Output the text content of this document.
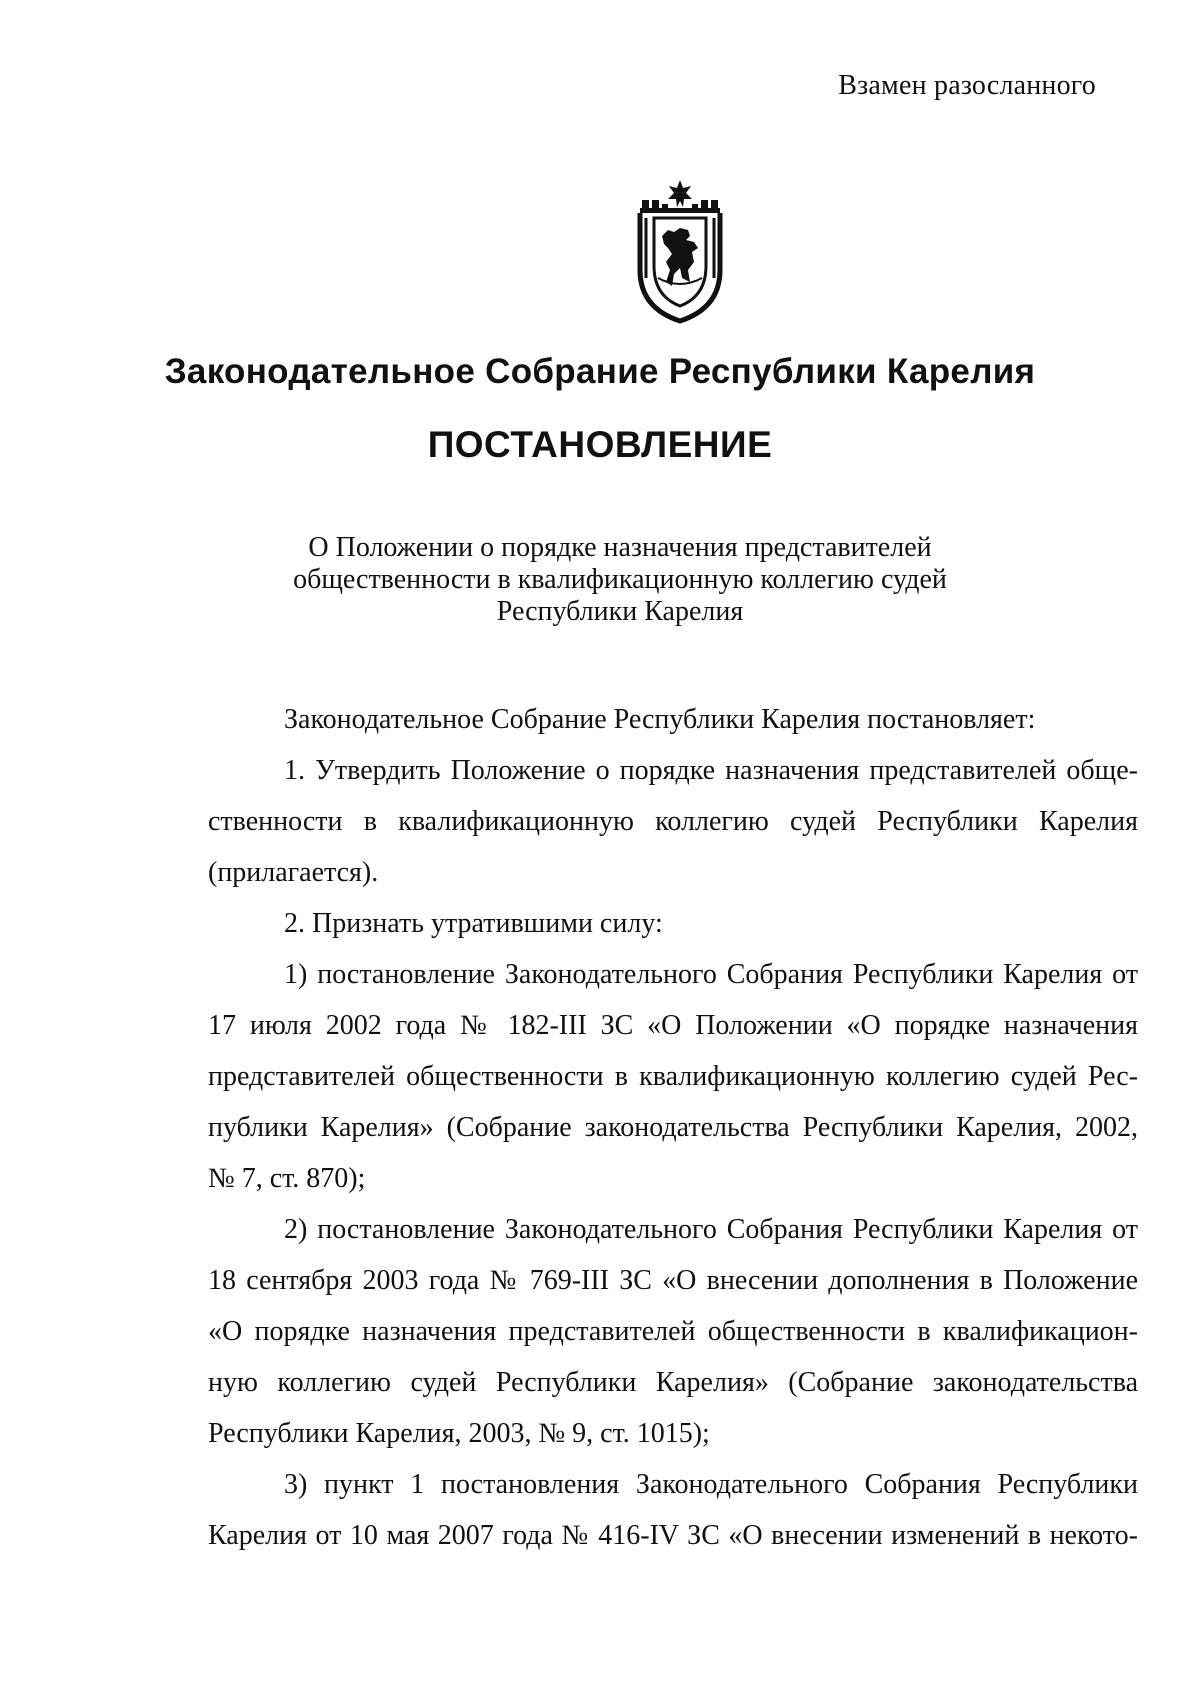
Взамен разосланного
Законодательное Собрание Республики Карелия
ПОСТАНОВЛЕНИЕ
О Положении о порядке назначения представителей
общественности в квалификационную коллегию судей
Республики Карелия

Законодательное Собрание Республики Карелия постановляет:

1. Утвердить Положение о порядке назначения представителей обще-
ственности в квалификационную коллегию судей Республики Карелия
(прилагается).

2. Признать утратившими силу:

1) постановление Законодательного Собрания Республики Карелия от
17 июля 2002 года № 182-III ЗС «О Положении «О порядке назначения
представителей общественности в квалификационную коллегию судей Рес-
публики Карелия» (Собрание законодательства Республики Карелия, 2002,
№ 7, ст. 870);

2) постановление Законодательного Собрания Республики Карелия от
18 сентября 2003 года № 769-III ЗС «О внесении дополнения в Положение
«О порядке назначения представителей общественности в квалификацион-
ную коллегию судей Республики Карелия» (Собрание законодательства
Республики Карелия, 2003, № 9, ст. 1015);

3) пункт 1 постановления Законодательного Собрания Республики
Карелия от 10 мая 2007 года № 416-IV ЗС «О внесении изменений в некото-
